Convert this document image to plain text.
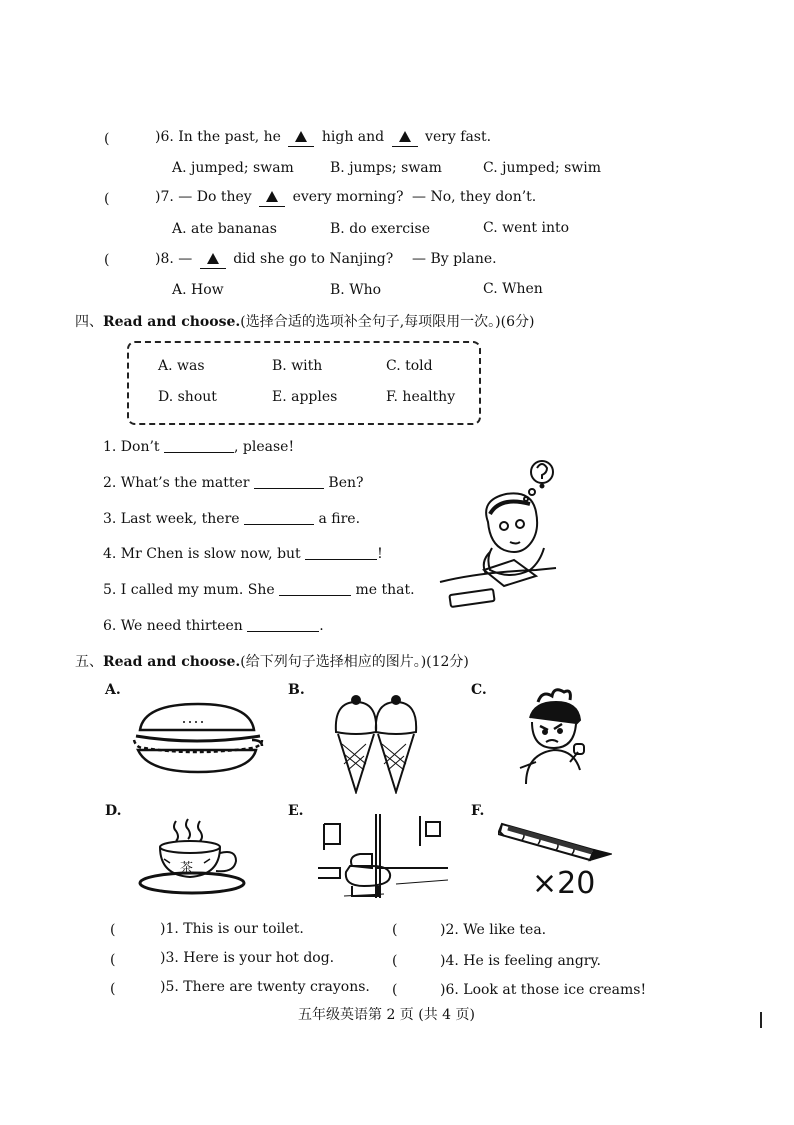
(	)6. In the past, he	high and	very fast.
A. jumped; swam	B. jumps; swam	C. jumped; swim
(	)7. — Do they	every morning? — No, they don’t.
A. ate bananas	B. do exercise	C. went into
(	)8. —	did she go to Nanjing? — By plane.
A. How	B. Who	C. When
四、Read and choose.(选择合适的选项补全句子,每项限用一次。)(6分)
A. was	B. with	C. told
D. shout	E. apples	F. healthy
1. Don’t	, please!
2. What’s the matter	Ben?
3. Last week, there	a fire.
4. Mr Chen is slow now, but	!
5. I called my mum. She	me that.
6. We need thirteen	.
五、Read and choose.(给下列句子选择相应的图片。)(12分)
A.	B.	C.
D.
茶
E.	F.
×20
(	)1. This is our toilet.	(	)2. We like tea.
(	)3. Here is your hot dog.	(	)4. He is feeling angry.
(	)5. There are twenty crayons. (	)6. Look at those ice creams!
五年级英语第 2 页 (共 4 页)
